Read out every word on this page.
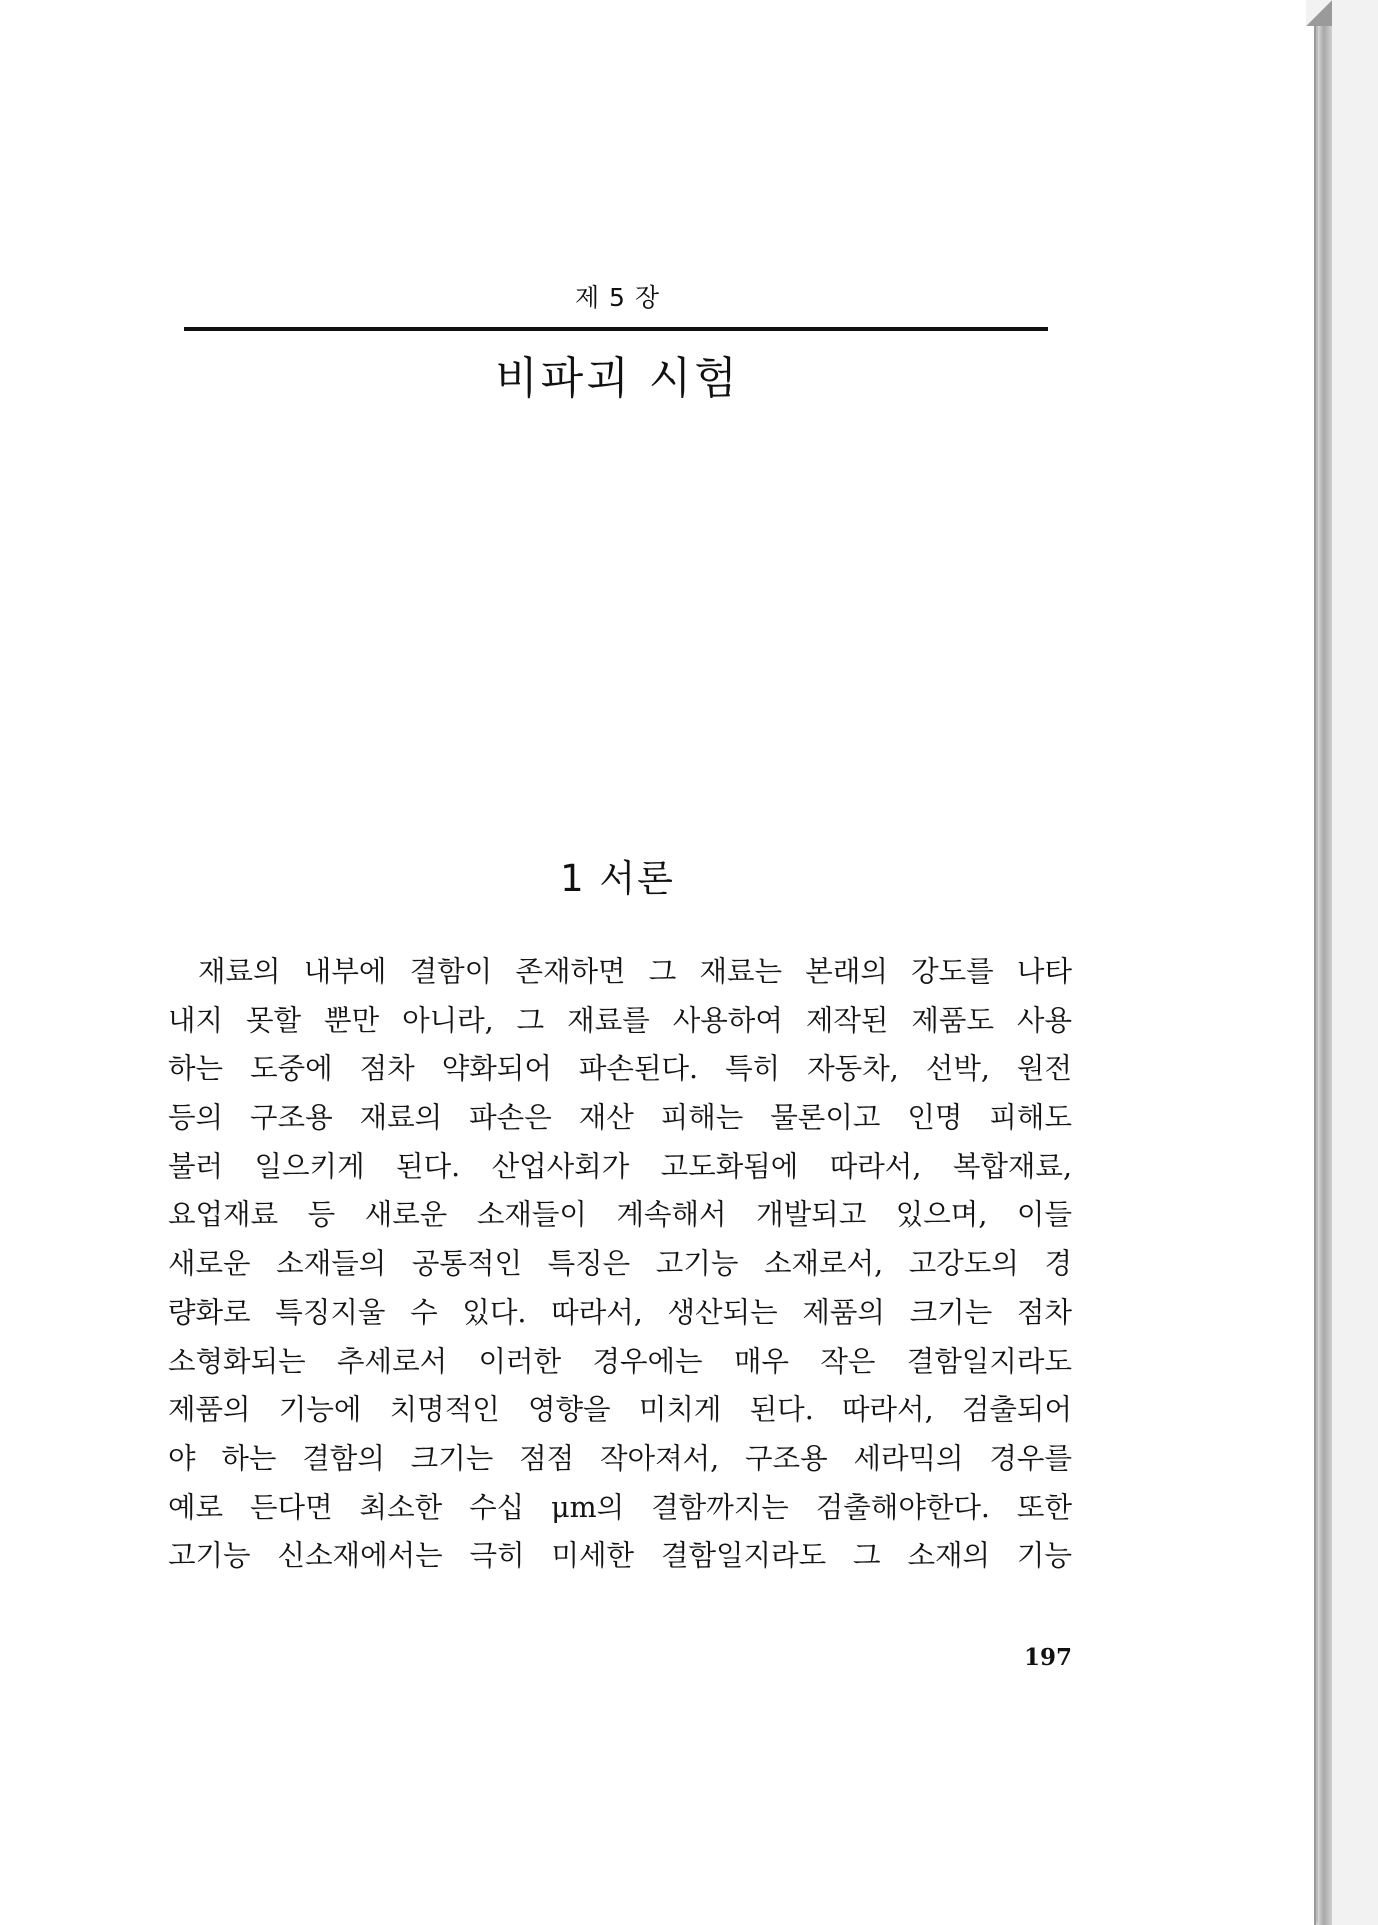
제 5 장
비파괴 시험
1 서론
재료의 내부에 결함이 존재하면 그 재료는 본래의 강도를 나타
내지 못할 뿐만 아니라, 그 재료를 사용하여 제작된 제품도 사용
하는 도중에 점차 약화되어 파손된다. 특히 자동차, 선박, 원전
등의 구조용 재료의 파손은 재산 피해는 물론이고 인명 피해도
불러 일으키게 된다. 산업사회가 고도화됨에 따라서, 복합재료,
요업재료 등 새로운 소재들이 계속해서 개발되고 있으며, 이들
새로운 소재들의 공통적인 특징은 고기능 소재로서, 고강도의 경
량화로 특징지울 수 있다. 따라서, 생산되는 제품의 크기는 점차
소형화되는 추세로서 이러한 경우에는 매우 작은 결함일지라도
제품의 기능에 치명적인 영향을 미치게 된다. 따라서, 검출되어
야 하는 결함의 크기는 점점 작아져서, 구조용 세라믹의 경우를
예로 든다면 최소한 수십 μm의 결함까지는 검출해야한다. 또한
고기능 신소재에서는 극히 미세한 결함일지라도 그 소재의 기능
197
